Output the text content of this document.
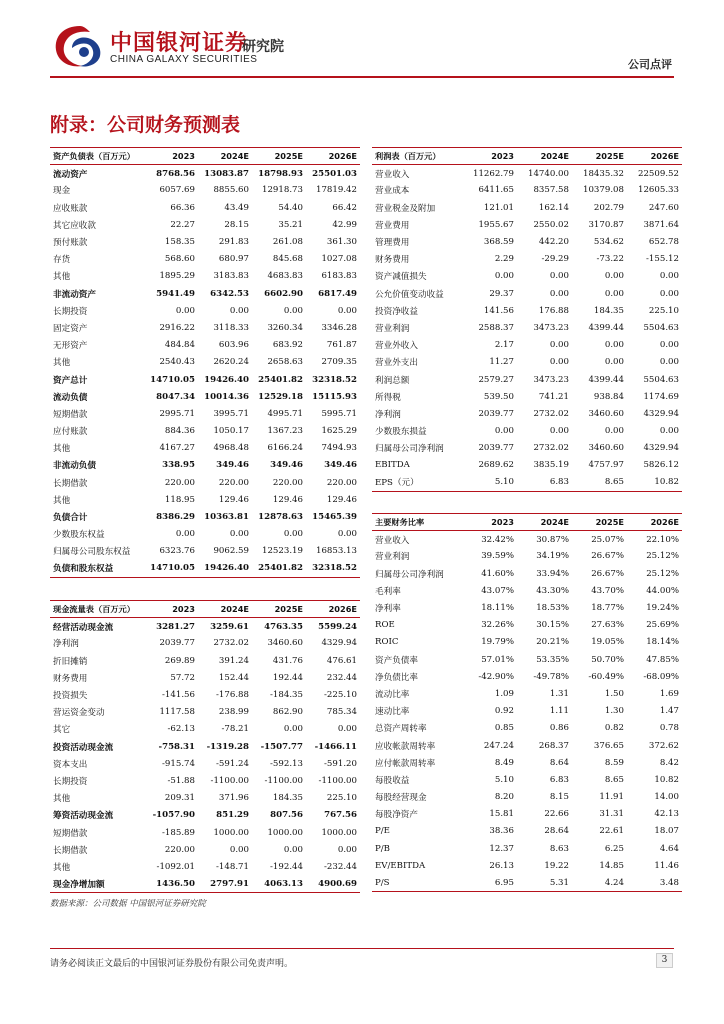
中国银河证券
CHINA GALAXY SECURITIES
研究院
公司点评
附录：公司财务预测表
资产负债表（百万元）	2023	2024E	2025E	2026E
流动资产	8768.56	13083.87	18798.93	25501.03
现金	6057.69	8855.60	12918.73	17819.42
应收账款	66.36	43.49	54.40	66.42
其它应收款	22.27	28.15	35.21	42.99
预付账款	158.35	291.83	261.08	361.30
存货	568.60	680.97	845.68	1027.08
其他	1895.29	3183.83	4683.83	6183.83
非流动资产	5941.49	6342.53	6602.90	6817.49
长期投资	0.00	0.00	0.00	0.00
固定资产	2916.22	3118.33	3260.34	3346.28
无形资产	484.84	603.96	683.92	761.87
其他	2540.43	2620.24	2658.63	2709.35
资产总计	14710.05	19426.40	25401.82	32318.52
流动负债	8047.34	10014.36	12529.18	15115.93
短期借款	2995.71	3995.71	4995.71	5995.71
应付账款	884.36	1050.17	1367.23	1625.29
其他	4167.27	4968.48	6166.24	7494.93
非流动负债	338.95	349.46	349.46	349.46
长期借款	220.00	220.00	220.00	220.00
其他	118.95	129.46	129.46	129.46
负债合计	8386.29	10363.81	12878.63	15465.39
少数股东权益	0.00	0.00	0.00	0.00
归属母公司股东权益	6323.76	9062.59	12523.19	16853.13
负债和股东权益	14710.05	19426.40	25401.82	32318.52
现金流量表（百万元）	2023	2024E	2025E	2026E
经营活动现金流	3281.27	3259.61	4763.35	5599.24
净利润	2039.77	2732.02	3460.60	4329.94
折旧摊销	269.89	391.24	431.76	476.61
财务费用	57.72	152.44	192.44	232.44
投资损失	-141.56	-176.88	-184.35	-225.10
营运资金变动	1117.58	238.99	862.90	785.34
其它	-62.13	-78.21	0.00	0.00
投资活动现金流	-758.31	-1319.28	-1507.77	-1466.11
资本支出	-915.74	-591.24	-592.13	-591.20
长期投资	-51.88	-1100.00	-1100.00	-1100.00
其他	209.31	371.96	184.35	225.10
筹资活动现金流	-1057.90	851.29	807.56	767.56
短期借款	-185.89	1000.00	1000.00	1000.00
长期借款	220.00	0.00	0.00	0.00
其他	-1092.01	-148.71	-192.44	-232.44
现金净增加额	1436.50	2797.91	4063.13	4900.69
利润表（百万元）	2023	2024E	2025E	2026E
营业收入	11262.79	14740.00	18435.32	22509.52
营业成本	6411.65	8357.58	10379.08	12605.33
营业税金及附加	121.01	162.14	202.79	247.60
营业费用	1955.67	2550.02	3170.87	3871.64
管理费用	368.59	442.20	534.62	652.78
财务费用	2.29	-29.29	-73.22	-155.12
资产减值损失	0.00	0.00	0.00	0.00
公允价值变动收益	29.37	0.00	0.00	0.00
投资净收益	141.56	176.88	184.35	225.10
营业利润	2588.37	3473.23	4399.44	5504.63
营业外收入	2.17	0.00	0.00	0.00
营业外支出	11.27	0.00	0.00	0.00
利润总额	2579.27	3473.23	4399.44	5504.63
所得税	539.50	741.21	938.84	1174.69
净利润	2039.77	2732.02	3460.60	4329.94
少数股东损益	0.00	0.00	0.00	0.00
归属母公司净利润	2039.77	2732.02	3460.60	4329.94
EBITDA	2689.62	3835.19	4757.97	5826.12
EPS（元）	5.10	6.83	8.65	10.82
主要财务比率	2023	2024E	2025E	2026E
营业收入	32.42%	30.87%	25.07%	22.10%
营业利润	39.59%	34.19%	26.67%	25.12%
归属母公司净利润	41.60%	33.94%	26.67%	25.12%
毛利率	43.07%	43.30%	43.70%	44.00%
净利率	18.11%	18.53%	18.77%	19.24%
ROE	32.26%	30.15%	27.63%	25.69%
ROIC	19.79%	20.21%	19.05%	18.14%
资产负债率	57.01%	53.35%	50.70%	47.85%
净负债比率	-42.90%	-49.78%	-60.49%	-68.09%
流动比率	1.09	1.31	1.50	1.69
速动比率	0.92	1.11	1.30	1.47
总资产周转率	0.85	0.86	0.82	0.78
应收帐款周转率	247.24	268.37	376.65	372.62
应付帐款周转率	8.49	8.64	8.59	8.42
每股收益	5.10	6.83	8.65	10.82
每股经营现金	8.20	8.15	11.91	14.00
每股净资产	15.81	22.66	31.31	42.13
P/E	38.36	28.64	22.61	18.07
P/B	12.37	8.63	6.25	4.64
EV/EBITDA	26.13	19.22	14.85	11.46
P/S	6.95	5.31	4.24	3.48
数据来源：公司数据 中国银河证券研究院
请务必阅读正文最后的中国银河证券股份有限公司免责声明。	3
